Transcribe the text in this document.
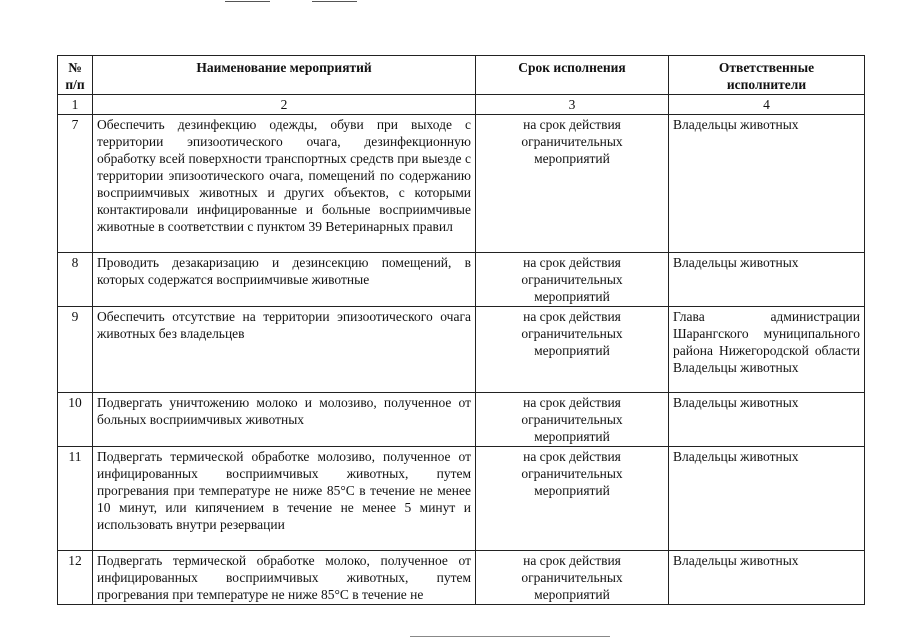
№ п/п	Наименование мероприятий	Срок исполнения	Ответственные исполнители
1	2	3	4
7	Обеспечить дезинфекцию одежды, обуви при выходе с территории эпизоотического очага, дезинфекционную обработку всей поверхности транспортных средств при выезде с территории эпизоотического очага, помещений по содержанию восприимчивых животных и других объектов, с которыми контактировали инфицированные и больные восприимчивые животные в соответствии с пунктом 39 Ветеринарных правил	на срок действия ограничительных мероприятий	Владельцы животных
8	Проводить дезакаризацию и дезинсекцию помещений, в которых содержатся восприимчивые животные	на срок действия ограничительных мероприятий	Владельцы животных
9	Обеспечить отсутствие на территории эпизоотического очага животных без владельцев	на срок действия ограничительных мероприятий	Глава администрации Шарангского муниципального района Нижегородской области Владельцы животных
10	Подвергать уничтожению молоко и молозиво, полученное от больных восприимчивых животных	на срок действия ограничительных мероприятий	Владельцы животных
11	Подвергать термической обработке молозиво, полученное от инфицированных восприимчивых животных, путем прогревания при температуре не ниже 85°С в течение не менее 10 минут, или кипячением в течение не менее 5 минут и использовать внутри резервации	на срок действия ограничительных мероприятий	Владельцы животных
12	Подвергать термической обработке молоко, полученное от инфицированных восприимчивых животных, путем прогревания при температуре не ниже 85°С в течение не	на срок действия ограничительных мероприятий	Владельцы животных
